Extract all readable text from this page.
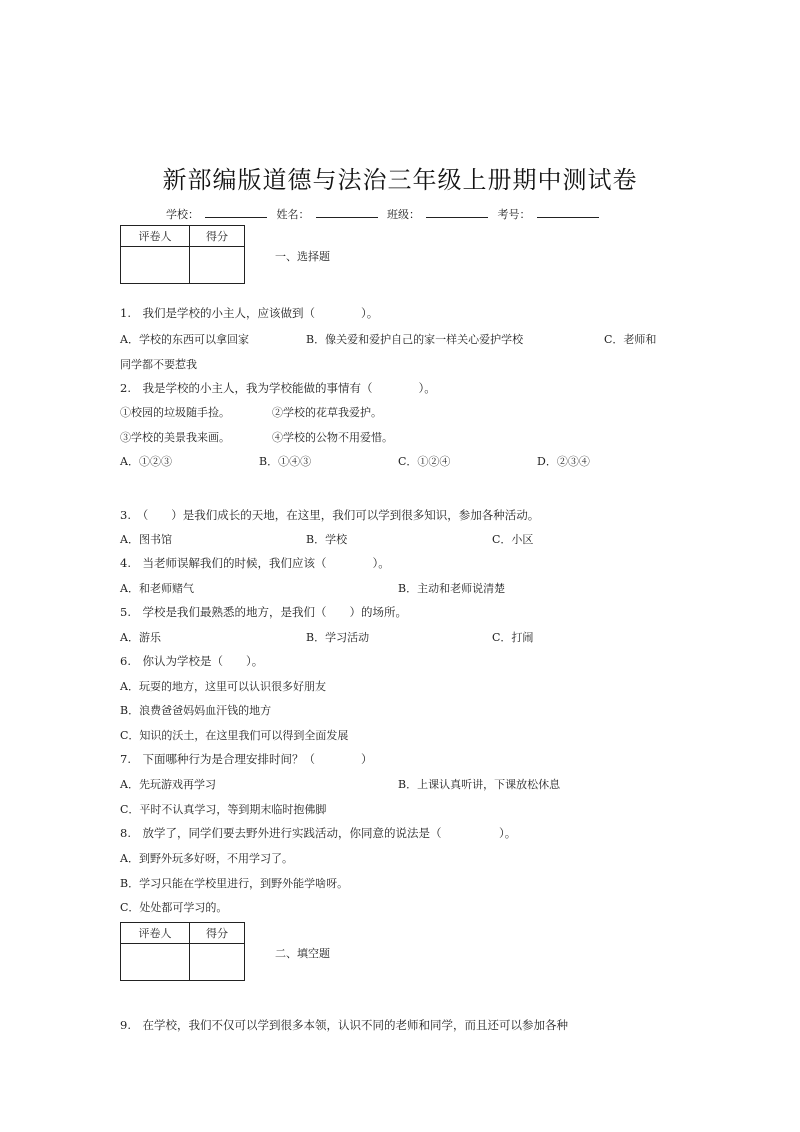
新部编版道德与法治三年级上册期中测试卷
学校：	姓名：	班级：	考号：
评卷人	得分

一、选择题
1.　我们是学校的小主人，应该做到（　　　　）。
A．学校的东西可以拿回家	B．像关爱和爱护自己的家一样关心爱护学校	C．老师和
同学都不要惹我
2.　我是学校的小主人，我为学校能做的事情有（　　　　）。
①校园的垃圾随手捡。	②学校的花草我爱护。
③学校的美景我来画。	④学校的公物不用爱惜。
A．①②③	B．①④③	C．①②④	D．②③④
3.　（　　）是我们成长的天地，在这里，我们可以学到很多知识，参加各种活动。
A．图书馆	B．学校	C．小区
4.　当老师误解我们的时候，我们应该（　　　　）。
A．和老师赌气	B．主动和老师说清楚
5.　学校是我们最熟悉的地方，是我们（　　）的场所。
A．游乐	B．学习活动	C．打闹
6.　你认为学校是（　　）。
A．玩耍的地方，这里可以认识很多好朋友
B．浪费爸爸妈妈血汗钱的地方
C．知识的沃土，在这里我们可以得到全面发展
7.　下面哪种行为是合理安排时间？（　　　　）
A．先玩游戏再学习	B．上课认真听讲，下课放松休息
C．平时不认真学习，等到期末临时抱佛脚
8.　放学了，同学们要去野外进行实践活动，你同意的说法是（　　　　　）。
A．到野外玩多好呀，不用学习了。
B．学习只能在学校里进行，到野外能学啥呀。
C．处处都可学习的。
评卷人	得分

二、填空题
9.　在学校，我们不仅可以学到很多本领，认识不同的老师和同学，而且还可以参加各种
